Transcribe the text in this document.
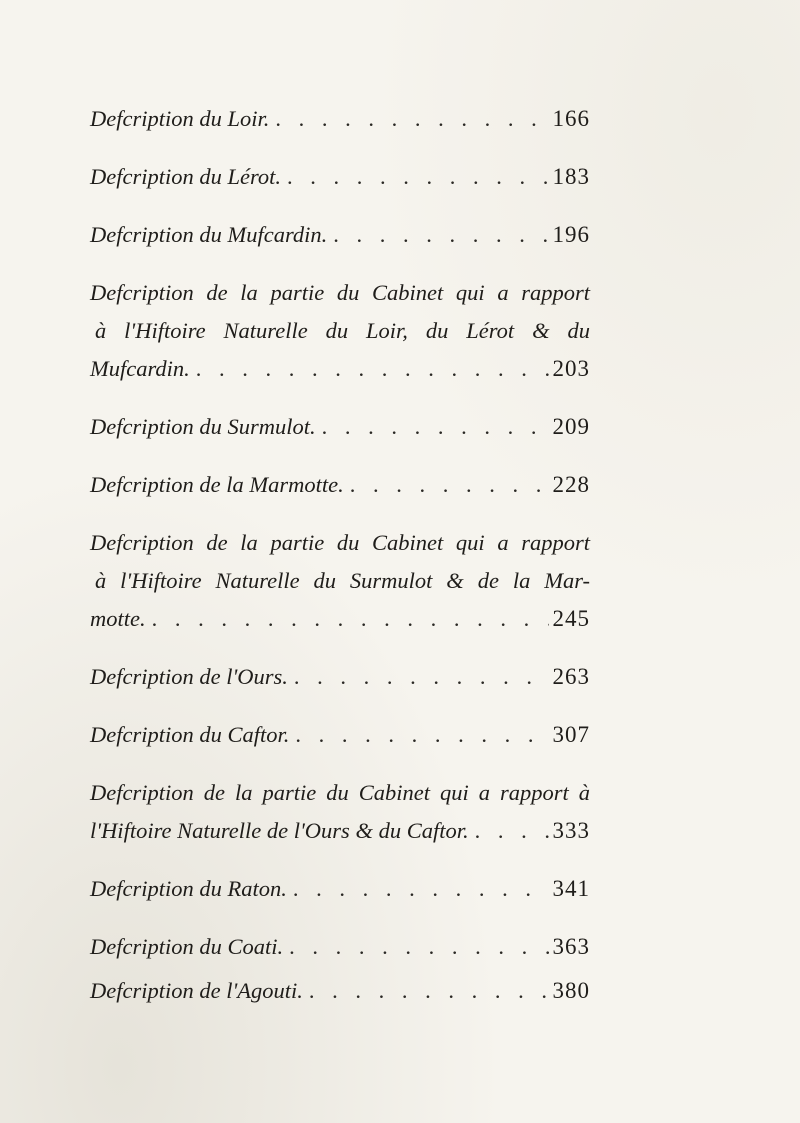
Defcription du Loir. . . .	166
Defcription du Lérot. . . .	183
Defcription du Mufcardin. . . .	196
Defcription de la partie du Cabinet qui a rapport
à l'Hiftoire Naturelle du Loir, du Lérot & du
Mufcardin. . . .	203
Defcription du Surmulot. . . .	209
Defcription de la Marmotte. . . .	228
Defcription de la partie du Cabinet qui a rapport
à l'Hiftoire Naturelle du Surmulot & de la Mar-
motte. . . .	245
Defcription de l'Ours. . . .	263
Defcription du Caftor. . . .	307
Defcription de la partie du Cabinet qui a rapport à
l'Hiftoire Naturelle de l'Ours & du Caftor. . . .	333
Defcription du Raton. . . .	341
Defcription du Coati. . . .	363
Defcription de l'Agouti. . . .	380
